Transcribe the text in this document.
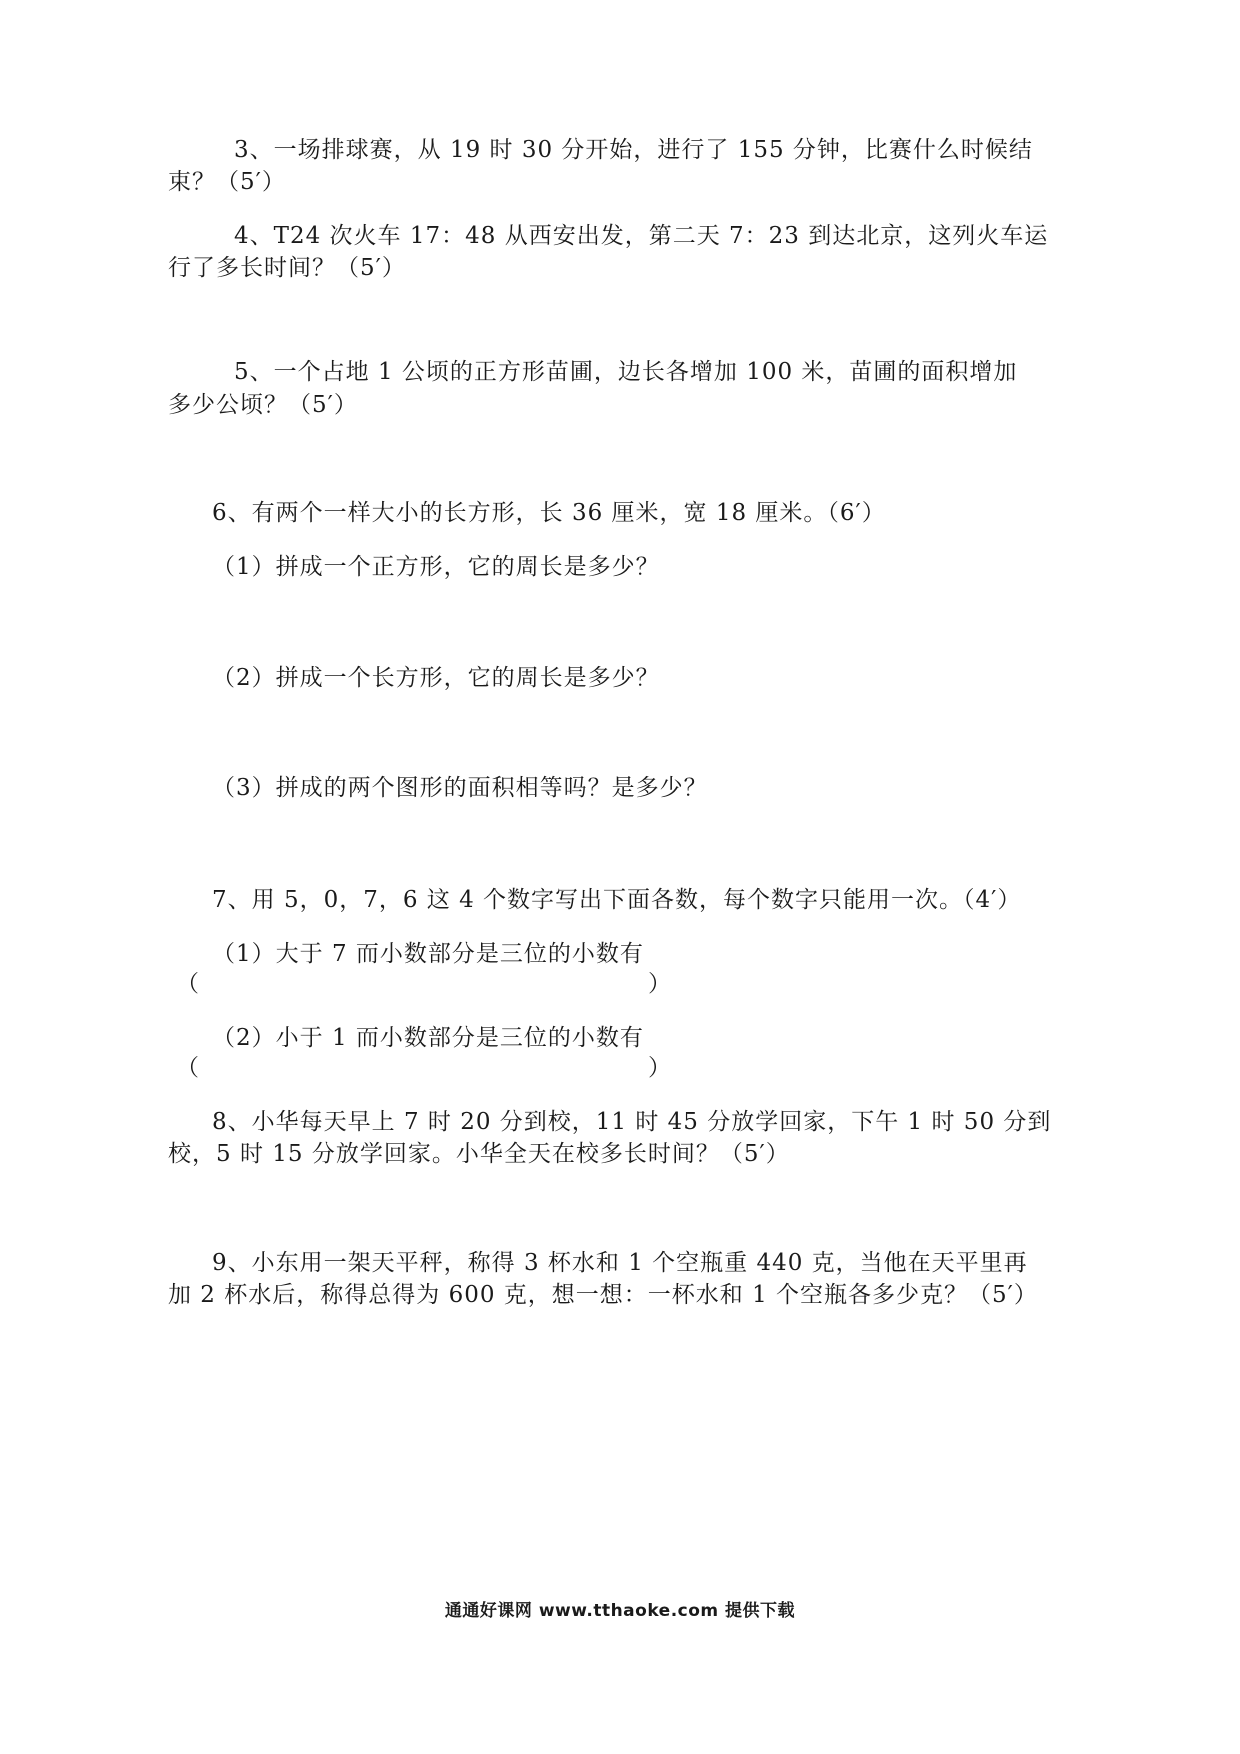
3、一场排球赛，从 19 时 30 分开始，进行了 155 分钟，比赛什么时候结
束？（5′）
4、T24 次火车 17：48 从西安出发，第二天 7：23 到达北京，这列火车运
行了多长时间？（5′）
5、一个占地 1 公顷的正方形苗圃，边长各增加 100 米，苗圃的面积增加
多少公顷？（5′）
6、有两个一样大小的长方形，长 36 厘米，宽 18 厘米。（6′）
（1）拼成一个正方形，它的周长是多少？
（2）拼成一个长方形，它的周长是多少？
（3）拼成的两个图形的面积相等吗？是多少？
7、用 5，0，7，6 这 4 个数字写出下面各数，每个数字只能用一次。（4′）
（1）大于 7 而小数部分是三位的小数有
（	）
（2）小于 1 而小数部分是三位的小数有
（	）
8、小华每天早上 7 时 20 分到校，11 时 45 分放学回家，下午 1 时 50 分到
校，5 时 15 分放学回家。小华全天在校多长时间？（5′）
9、小东用一架天平秤，称得 3 杯水和 1 个空瓶重 440 克，当他在天平里再
加 2 杯水后，称得总得为 600 克，想一想：一杯水和 1 个空瓶各多少克？（5′）
通通好课网 www.tthaoke.com 提供下载
